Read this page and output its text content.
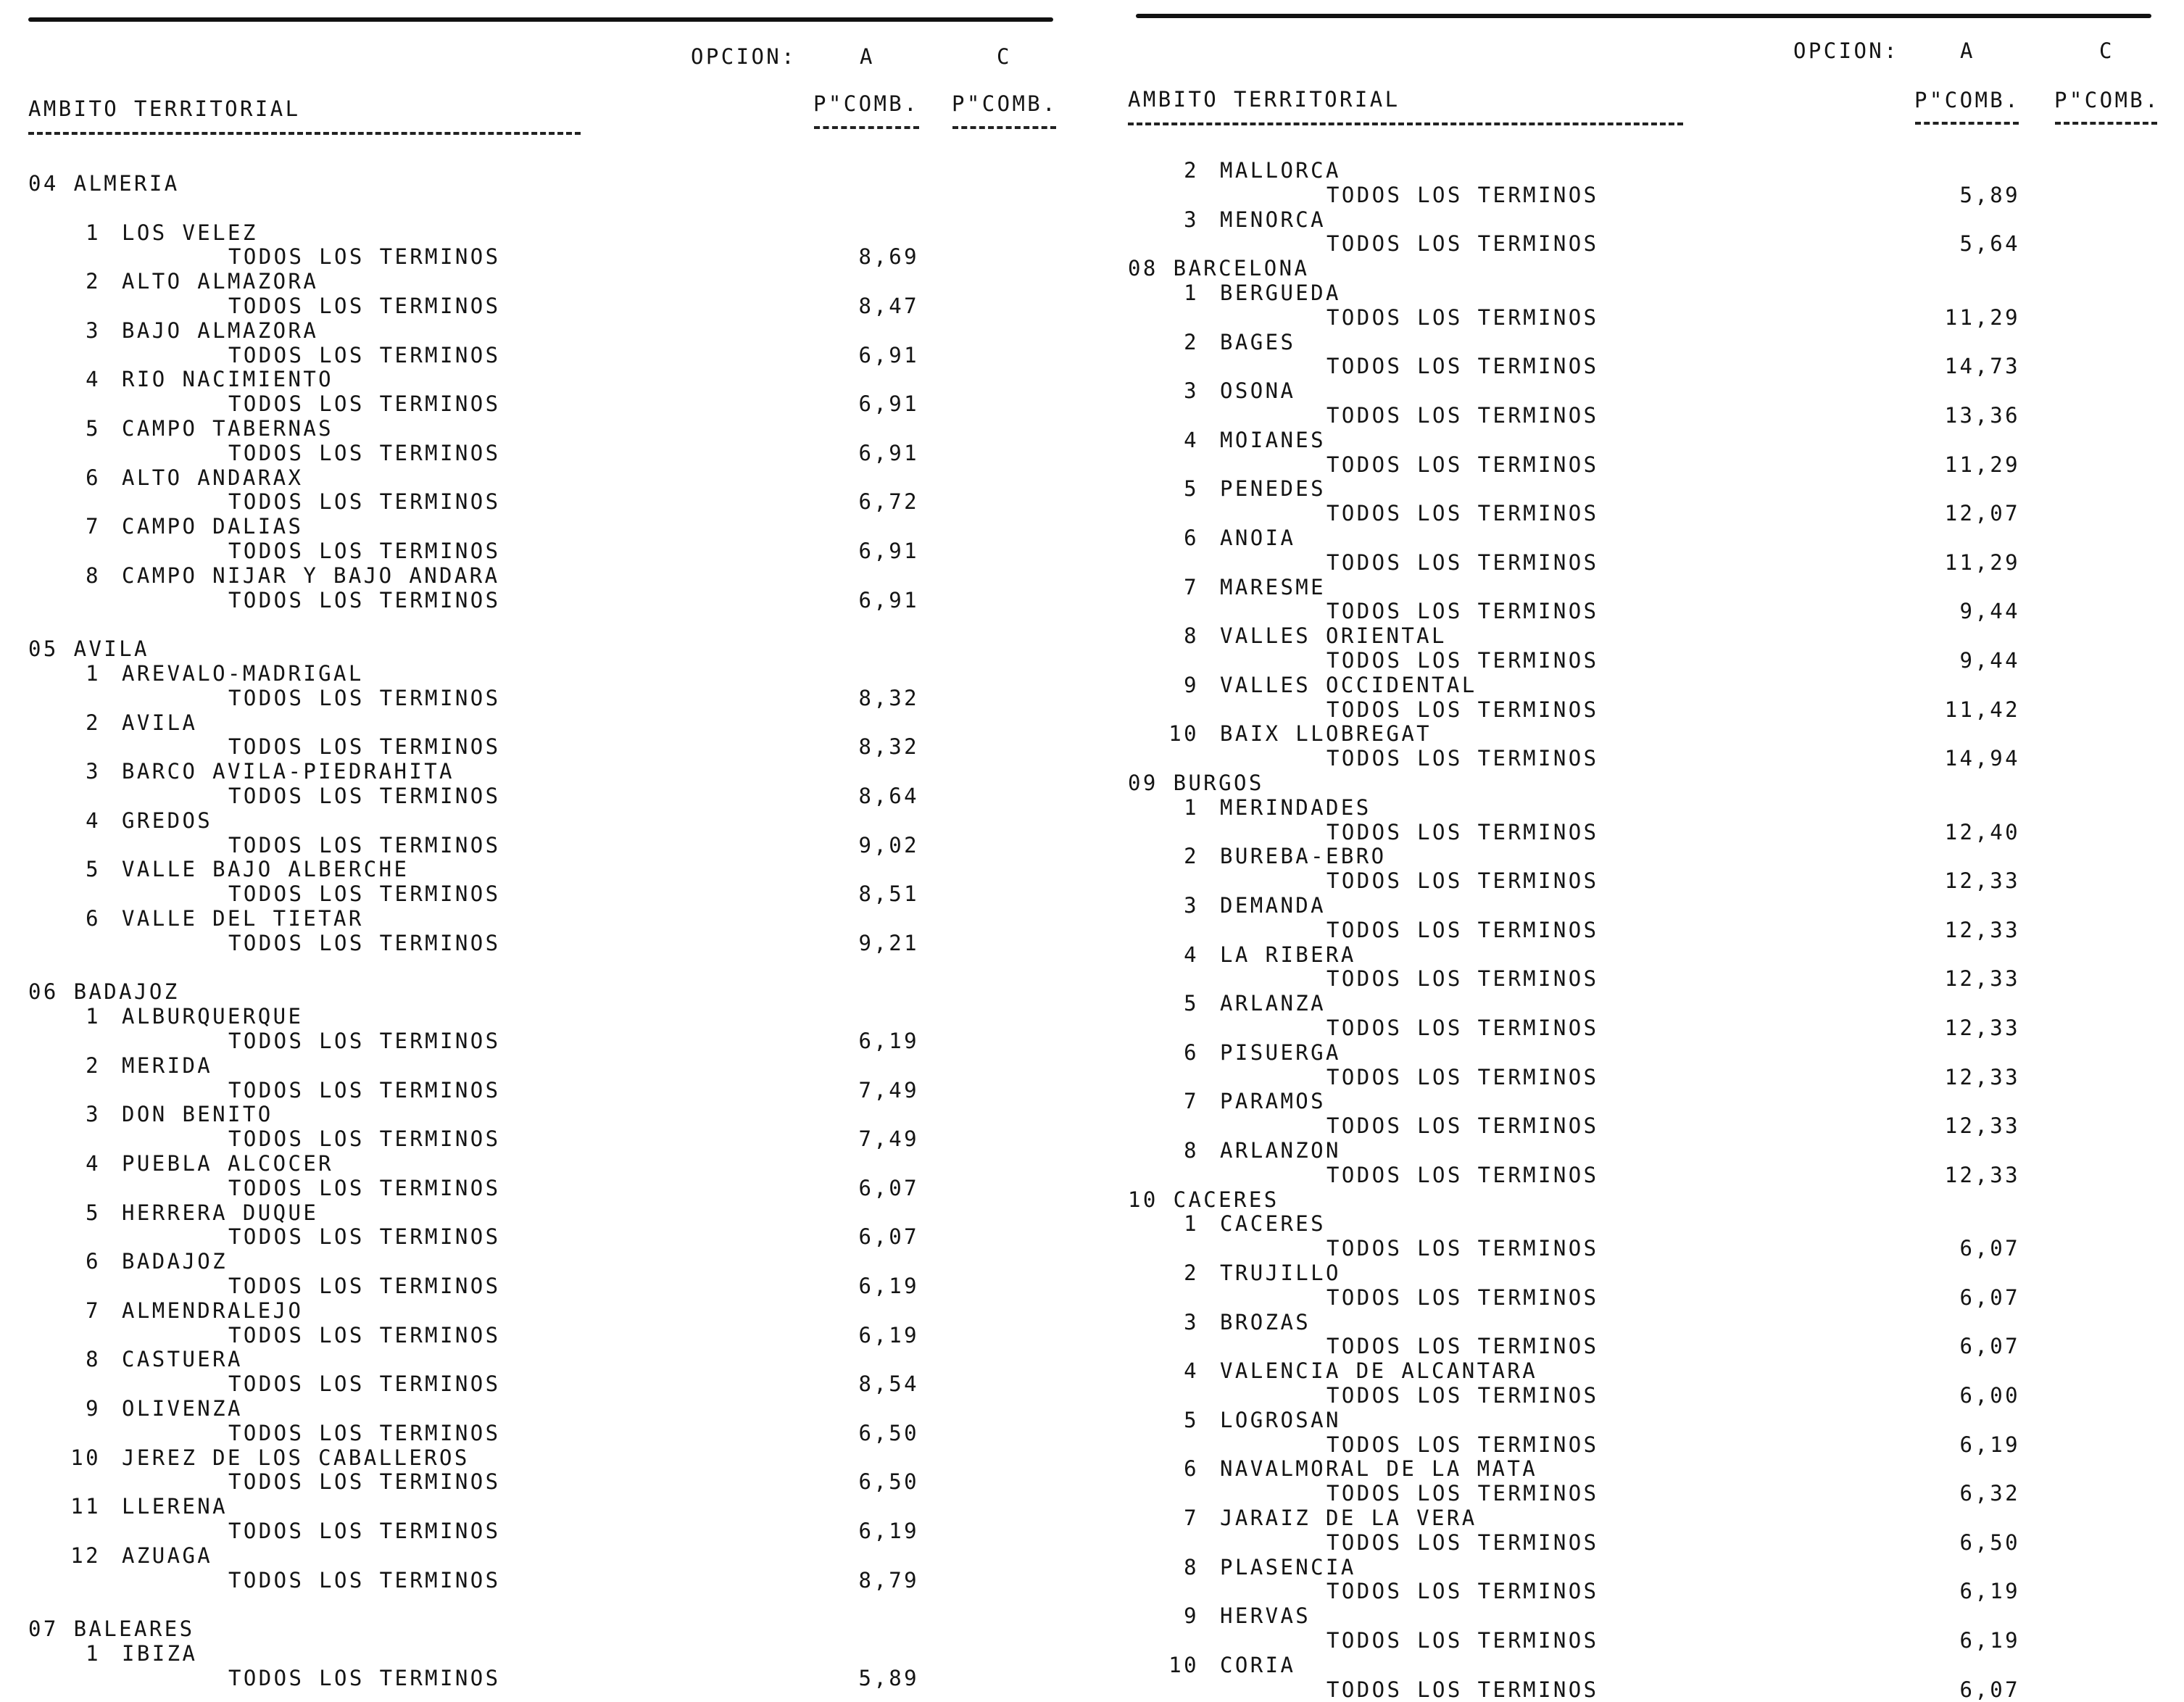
OPCION:	A	C
AMBITO TERRITORIAL	P"COMB. P"COMB.
OPCION:	A	C
AMBITO TERRITORIAL	P"COMB. P"COMB.
04 ALMERIA
1 LOS VELEZ
TODOS LOS TERMINOS	8,69
2 ALTO ALMAZORA
TODOS LOS TERMINOS	8,47
3 BAJO ALMAZORA
TODOS LOS TERMINOS	6,91
4 RIO NACIMIENTO
TODOS LOS TERMINOS	6,91
5 CAMPO TABERNAS
TODOS LOS TERMINOS	6,91
6 ALTO ANDARAX
TODOS LOS TERMINOS	6,72
7 CAMPO DALIAS
TODOS LOS TERMINOS	6,91
8 CAMPO NIJAR Y BAJO ANDARA
TODOS LOS TERMINOS	6,91
05 AVILA
1 AREVALO-MADRIGAL
TODOS LOS TERMINOS	8,32
2 AVILA
TODOS LOS TERMINOS	8,32
3 BARCO AVILA-PIEDRAHITA
TODOS LOS TERMINOS	8,64
4 GREDOS
TODOS LOS TERMINOS	9,02
5 VALLE BAJO ALBERCHE
TODOS LOS TERMINOS	8,51
6 VALLE DEL TIETAR
TODOS LOS TERMINOS	9,21
06 BADAJOZ
1 ALBURQUERQUE
TODOS LOS TERMINOS	6,19
2 MERIDA
TODOS LOS TERMINOS	7,49
3 DON BENITO
TODOS LOS TERMINOS	7,49
4 PUEBLA ALCOCER
TODOS LOS TERMINOS	6,07
5 HERRERA DUQUE
TODOS LOS TERMINOS	6,07
6 BADAJOZ
TODOS LOS TERMINOS	6,19
7 ALMENDRALEJO
TODOS LOS TERMINOS	6,19
8 CASTUERA
TODOS LOS TERMINOS	8,54
9 OLIVENZA
TODOS LOS TERMINOS	6,50
10 JEREZ DE LOS CABALLEROS
TODOS LOS TERMINOS	6,50
11 LLERENA
TODOS LOS TERMINOS	6,19
12 AZUAGA
TODOS LOS TERMINOS	8,79
07 BALEARES
1 IBIZA
TODOS LOS TERMINOS	5,89
2 MALLORCA
TODOS LOS TERMINOS	5,89
3 MENORCA
TODOS LOS TERMINOS	5,64
08 BARCELONA
1 BERGUEDA
TODOS LOS TERMINOS	11,29
2 BAGES
TODOS LOS TERMINOS	14,73
3 OSONA
TODOS LOS TERMINOS	13,36
4 MOIANES
TODOS LOS TERMINOS	11,29
5 PENEDES
TODOS LOS TERMINOS	12,07
6 ANOIA
TODOS LOS TERMINOS	11,29
7 MARESME
TODOS LOS TERMINOS	9,44
8 VALLES ORIENTAL
TODOS LOS TERMINOS	9,44
9 VALLES OCCIDENTAL
TODOS LOS TERMINOS	11,42
10 BAIX LLOBREGAT
TODOS LOS TERMINOS	14,94
09 BURGOS
1 MERINDADES
TODOS LOS TERMINOS	12,40
2 BUREBA-EBRO
TODOS LOS TERMINOS	12,33
3 DEMANDA
TODOS LOS TERMINOS	12,33
4 LA RIBERA
TODOS LOS TERMINOS	12,33
5 ARLANZA
TODOS LOS TERMINOS	12,33
6 PISUERGA
TODOS LOS TERMINOS	12,33
7 PARAMOS
TODOS LOS TERMINOS	12,33
8 ARLANZON
TODOS LOS TERMINOS	12,33
10 CACERES
1 CACERES
TODOS LOS TERMINOS	6,07
2 TRUJILLO
TODOS LOS TERMINOS	6,07
3 BROZAS
TODOS LOS TERMINOS	6,07
4 VALENCIA DE ALCANTARA
TODOS LOS TERMINOS	6,00
5 LOGROSAN
TODOS LOS TERMINOS	6,19
6 NAVALMORAL DE LA MATA
TODOS LOS TERMINOS	6,32
7 JARAIZ DE LA VERA
TODOS LOS TERMINOS	6,50
8 PLASENCIA
TODOS LOS TERMINOS	6,19
9 HERVAS
TODOS LOS TERMINOS	6,19
10 CORIA
TODOS LOS TERMINOS	6,07
